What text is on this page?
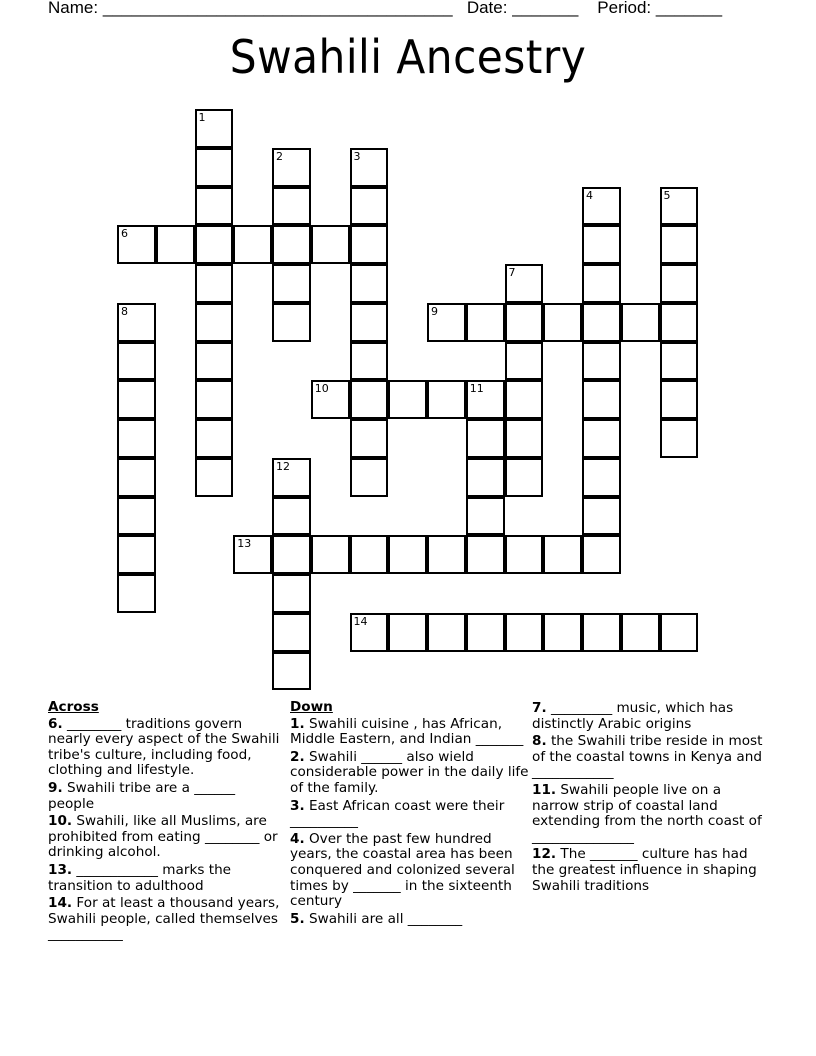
Name: _____________________________________ Date: _______ Period: _______
Swahili Ancestry
1
2	3
4	5
6
7
8	9
10	11
12
13
14
Across
6. ________ traditions govern nearly every aspect of the Swahili tribe's culture, including food, clothing and lifestyle.
9. Swahili tribe are a ______ people
10. Swahili, like all Muslims, are prohibited from eating ________ or drinking alcohol.
13. ____________ marks the transition to adulthood
14. For at least a thousand years, Swahili people, called themselves ___________
Down
1. Swahili cuisine , has African, Middle Eastern, and Indian _______
2. Swahili ______ also wield considerable power in the daily life of the family.
3. East African coast were their __________
4. Over the past few hundred years, the coastal area has been conquered and colonized several times by _______ in the sixteenth century
5. Swahili are all ________
7. _________ music, which has distinctly Arabic origins
8. the Swahili tribe reside in most of the coastal towns in Kenya and ____________
11. Swahili people live on a narrow strip of coastal land extending from the north coast of _______________
12. The _______ culture has had the greatest influence in shaping Swahili traditions
